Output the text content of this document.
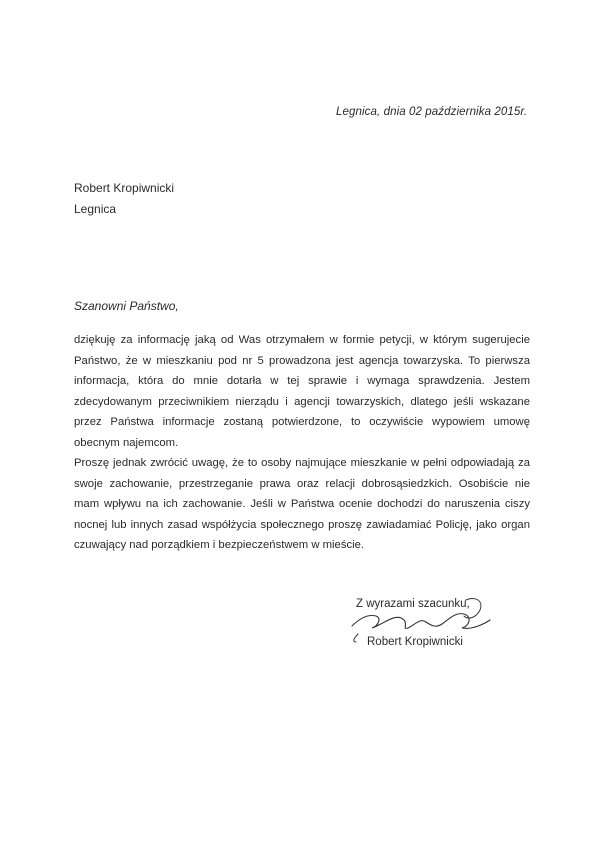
Legnica, dnia 02 października 2015r.
Robert Kropiwnicki
Legnica
Szanowni Państwo,

dziękuję za informację jaką od Was otrzymałem w formie petycji, w którym sugerujecie Państwo, że w mieszkaniu pod nr 5 prowadzona jest agencja towarzyska. To pierwsza informacja, która do mnie dotarła w tej sprawie i wymaga sprawdzenia. Jestem zdecydowanym przeciwnikiem nierządu i agencji towarzyskich, dlatego jeśli wskazane przez Państwa informacje zostaną potwierdzone, to oczywiście wypowiem umowę obecnym najemcom.

Proszę jednak zwrócić uwagę, że to osoby najmujące mieszkanie w pełni odpowiadają za swoje zachowanie, przestrzeganie prawa oraz relacji dobrosąsiedzkich. Osobiście nie mam wpływu na ich zachowanie. Jeśli w Państwa ocenie dochodzi do naruszenia ciszy nocnej lub innych zasad współżycia społecznego proszę zawiadamiać Policję, jako organ czuwający nad porządkiem i bezpieczeństwem w mieście.

Z wyrazami szacunku,
Robert Kropiwnicki
